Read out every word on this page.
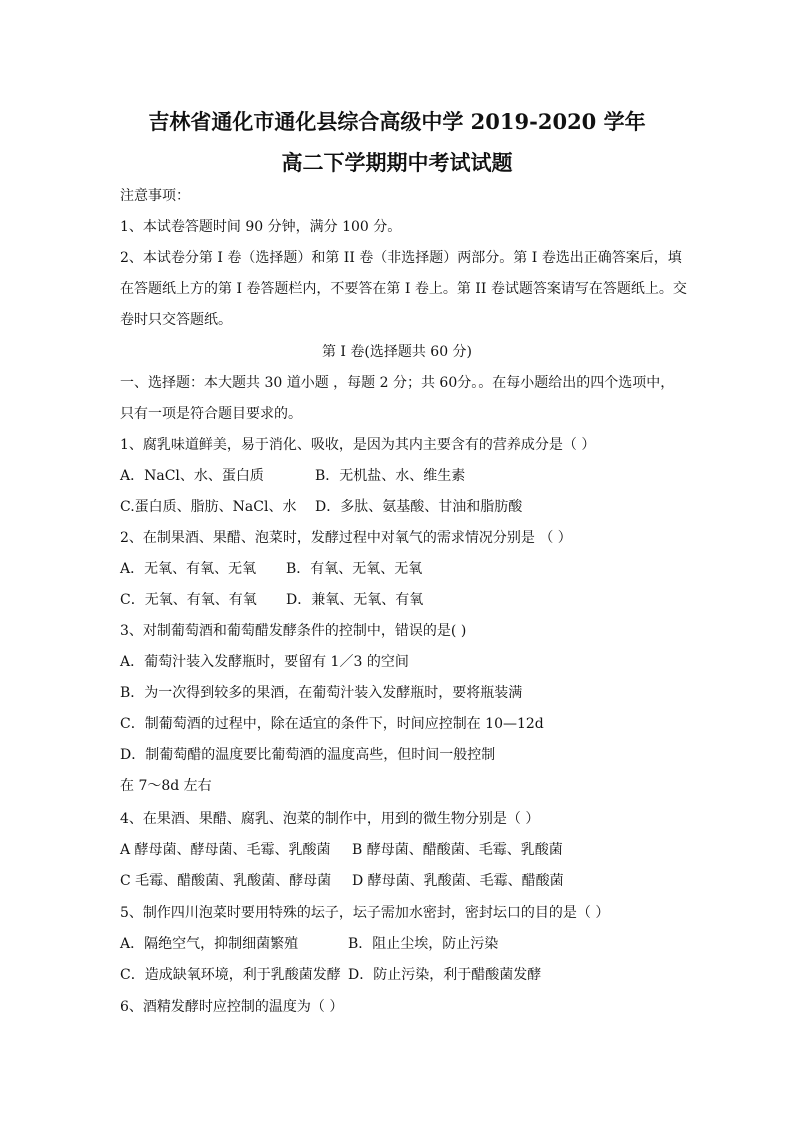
吉林省通化市通化县综合高级中学 2019-2020 学年
高二下学期期中考试试题
注意事项：
1、本试卷答题时间 90 分钟，满分 100 分。
2、本试卷分第 I 卷（选择题）和第 II 卷（非选择题）两部分。第 I 卷选出正确答案后，填
在答题纸上方的第 I 卷答题栏内，不要答在第 I 卷上。第 II 卷试题答案请写在答题纸上。交
卷时只交答题纸。
第 I 卷(选择题共 60 分)
一、选择题：本大题共 30 道小题 ，每题 2 分；共 60分。。在每小题给出的四个选项中，
只有一项是符合题目要求的。
1、腐乳味道鲜美，易于消化、吸收，是因为其内主要含有的营养成分是（ ）
A．NaCl、水、蛋白质	B．无机盐、水、维生素
C.蛋白质、脂肪、NaCl、水	D．多肽、氨基酸、甘油和脂肪酸
2、在制果酒、果醋、泡菜时，发酵过程中对氧气的需求情况分别是 （ ）
A．无氧、有氧、无氧	B．有氧、无氧、无氧
C．无氧、有氧、有氧	D．兼氧、无氧、有氧
3、对制葡萄酒和葡萄醋发酵条件的控制中，错误的是( )
A．葡萄汁装入发酵瓶时，要留有 1／3 的空间
B．为一次得到较多的果酒，在葡萄汁装入发酵瓶时，要将瓶装满
C．制葡萄酒的过程中，除在适宜的条件下，时间应控制在 10—12d
D．制葡萄醋的温度要比葡萄酒的温度高些，但时间一般控制
在 7～8d 左右
4、在果酒、果醋、腐乳、泡菜的制作中，用到的微生物分别是（ ）
A 酵母菌、酵母菌、毛霉、乳酸菌	B 酵母菌、醋酸菌、毛霉、乳酸菌
C 毛霉、醋酸菌、乳酸菌、酵母菌	D 酵母菌、乳酸菌、毛霉、醋酸菌
5、制作四川泡菜时要用特殊的坛子，坛子需加水密封，密封坛口的目的是（ ）
A．隔绝空气，抑制细菌繁殖	B．阻止尘埃，防止污染
C．造成缺氧环境，利于乳酸菌发酵 D．防止污染，利于醋酸菌发酵
6、酒精发酵时应控制的温度为（ ）
